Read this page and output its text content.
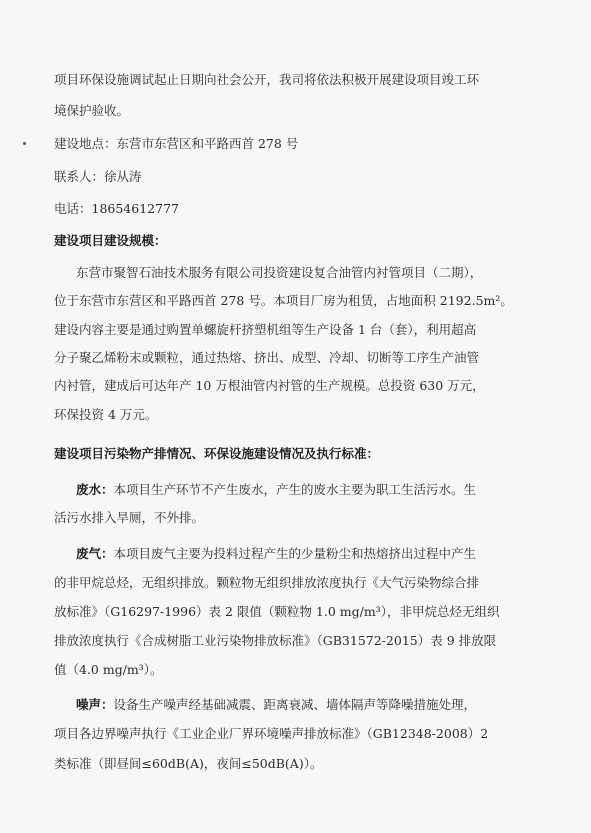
项目环保设施调试起止日期向社会公开，我司将依法积极开展建设项目竣工环
境保护验收。
建设地点：东营市东营区和平路西首 278 号
联系人：徐从涛
电话：18654612777
建设项目建设规模：
东营市聚智石油技术服务有限公司投资建设复合油管内衬管项目（二期），
位于东营市东营区和平路西首 278 号。本项目厂房为租赁，占地面积 2192.5m²。
建设内容主要是通过购置单螺旋杆挤塑机组等生产设备 1 台（套），利用超高
分子聚乙烯粉末或颗粒，通过热熔、挤出、成型、冷却、切断等工序生产油管
内衬管，建成后可达年产 10 万根油管内衬管的生产规模。总投资 630 万元，
环保投资 4 万元。
建设项目污染物产排情况、环保设施建设情况及执行标准：
废水：本项目生产环节不产生废水，产生的废水主要为职工生活污水。生
活污水排入旱厕，不外排。
废气：本项目废气主要为投料过程产生的少量粉尘和热熔挤出过程中产生
的非甲烷总烃，无组织排放。颗粒物无组织排放浓度执行《大气污染物综合排
放标准》（G16297-1996）表 2 限值（颗粒物 1.0 mg/m³），非甲烷总烃无组织
排放浓度执行《合成树脂工业污染物排放标准》（GB31572-2015）表 9 排放限
值（4.0 mg/m³）。
噪声：设备生产噪声经基础减震、距离衰减、墙体隔声等降噪措施处理，
项目各边界噪声执行《工业企业厂界环境噪声排放标准》（GB12348-2008）2
类标准（即昼间≤60dB(A)，夜间≤50dB(A)）。
